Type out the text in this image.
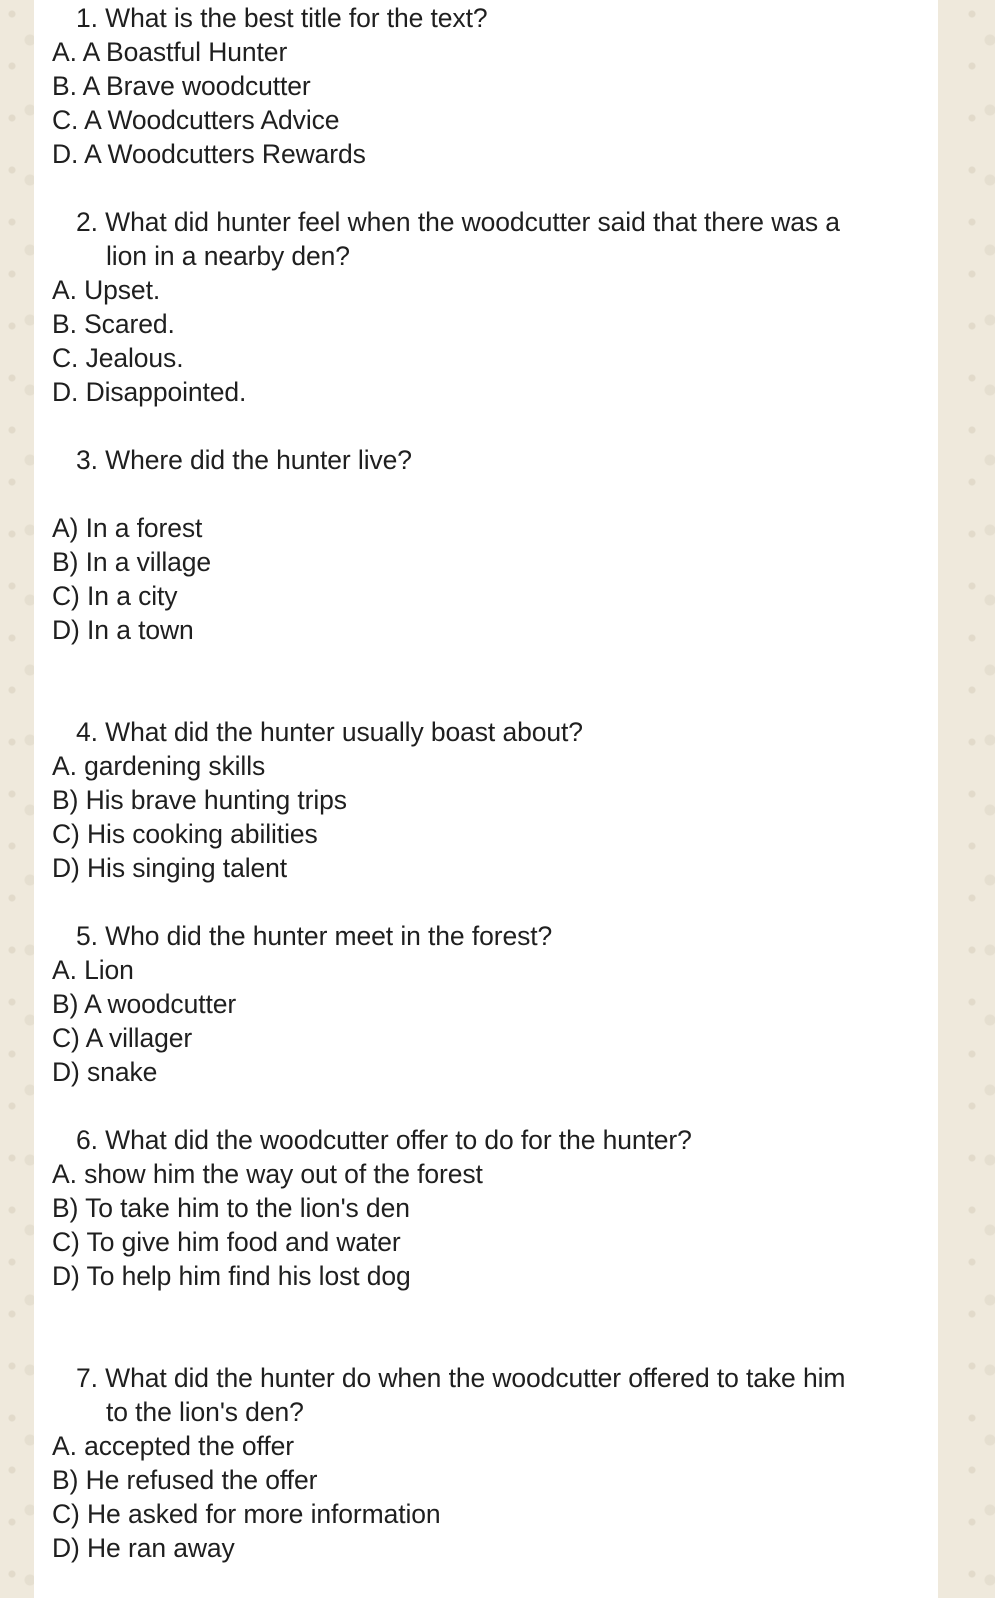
1. What is the best title for the text?
A. A Boastful Hunter
B. A Brave woodcutter
C. A Woodcutters Advice
D. A Woodcutters Rewards
2. What did hunter feel when the woodcutter said that there was a
lion in a nearby den?
A. Upset.
B. Scared.
C. Jealous.
D. Disappointed.
3. Where did the hunter live?
A) In a forest
B) In a village
C) In a city
D) In a town
4. What did the hunter usually boast about?
A. gardening skills
B) His brave hunting trips
C) His cooking abilities
D) His singing talent
5. Who did the hunter meet in the forest?
A. Lion
B) A woodcutter
C) A villager
D) snake
6. What did the woodcutter offer to do for the hunter?
A. show him the way out of the forest
B) To take him to the lion's den
C) To give him food and water
D) To help him find his lost dog
7. What did the hunter do when the woodcutter offered to take him
to the lion's den?
A. accepted the offer
B) He refused the offer
C) He asked for more information
D) He ran away
